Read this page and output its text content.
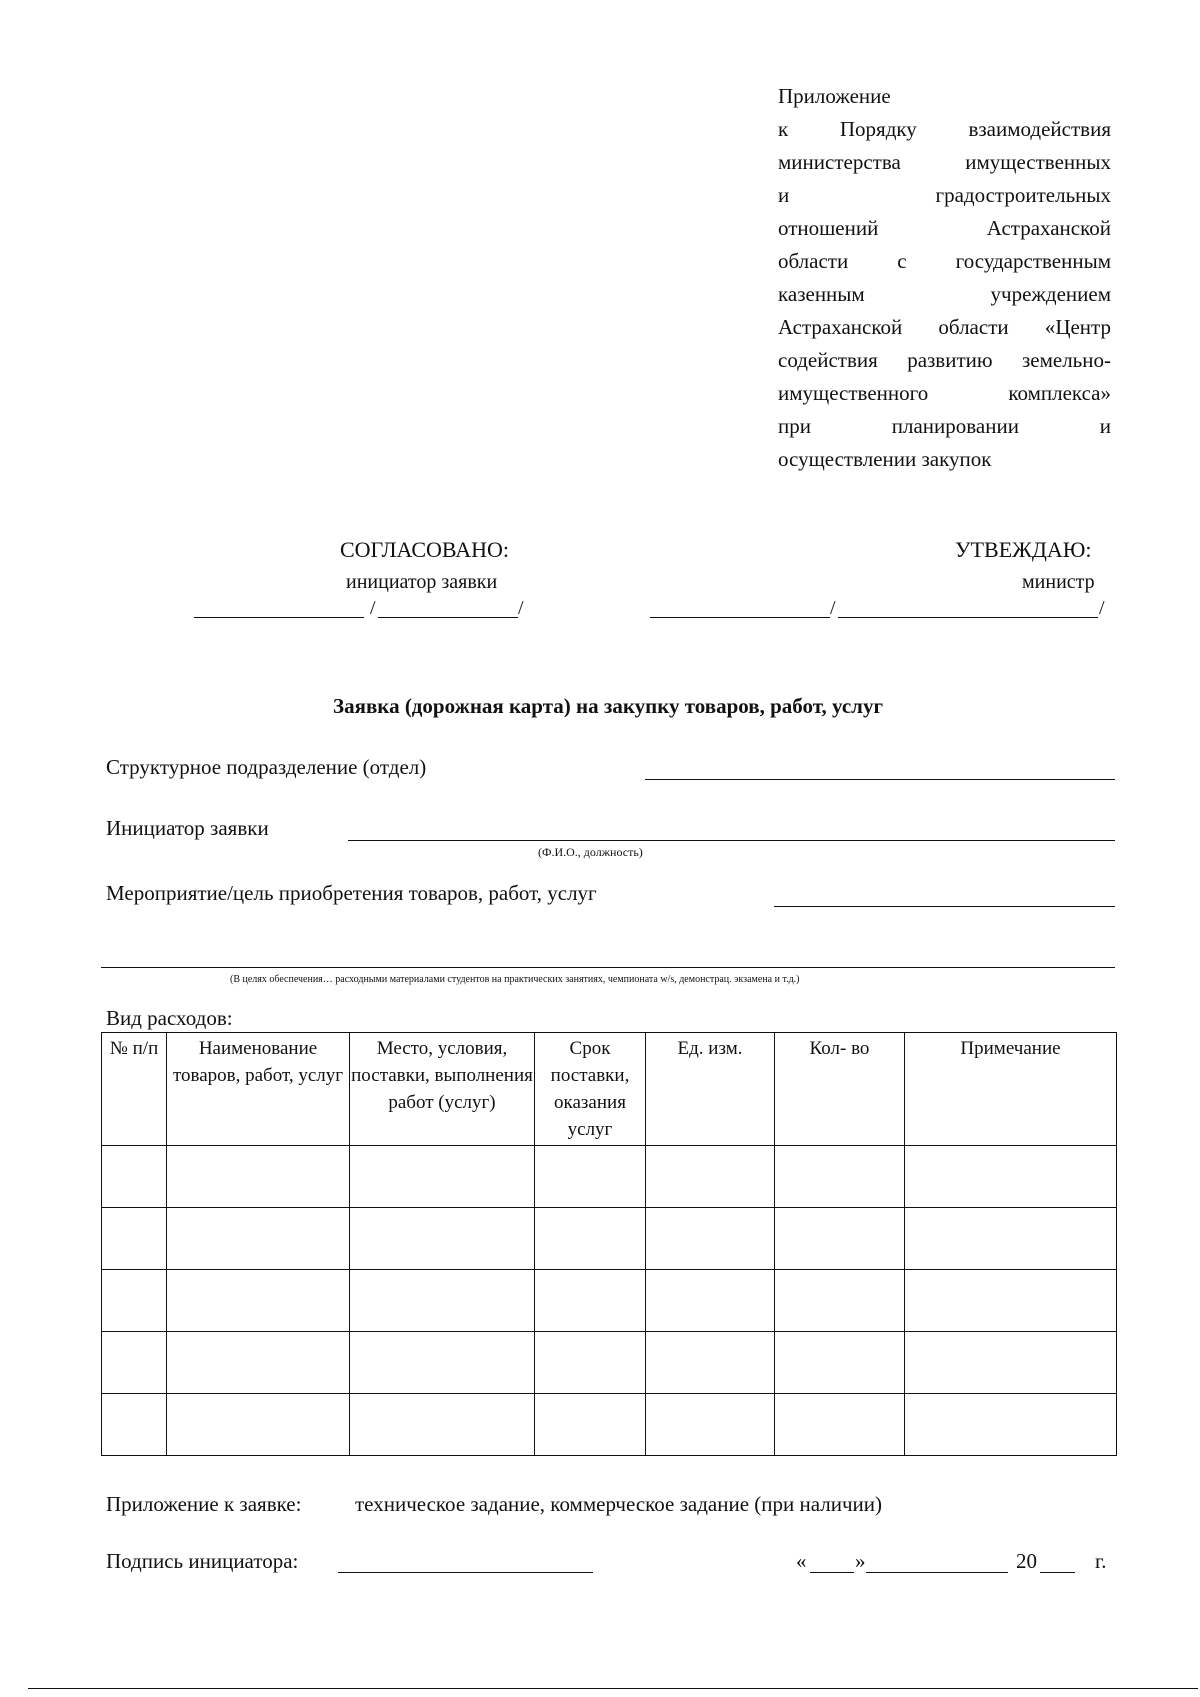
Приложение
к Порядку взаимодействия
министерства	имущественных
и	градостроительных
отношений	Астраханской
области с государственным
казенным	учреждением
Астраханской области «Центр
содействия развитию земельно-
имущественного	комплекса»
при	планировании	и
осуществлении закупок
СОГЛАСОВАНО:
инициатор заявки
/	/
УТВЕЖДАЮ:
министр
/	/
Заявка (дорожная карта) на закупку товаров, работ, услуг
Структурное подразделение (отдел)
Инициатор заявки
(Ф.И.О., должность)
Мероприятие/цель приобретения товаров, работ, услуг
(В целях обеспечения… расходными материалами студентов на практических занятиях, чемпионата w/s, демонстрац. экзамена и т.д.)
Вид расходов:
№ п/п	Наименование товаров, работ, услуг	Место, условия, поставки, выполнения работ (услуг)	Срок поставки, оказания услуг	Ед. изм.	Кол- во	Примечание

Приложение к заявке:	техническое задание, коммерческое задание (при наличии)
Подпись инициатора:	« »	20	г.
